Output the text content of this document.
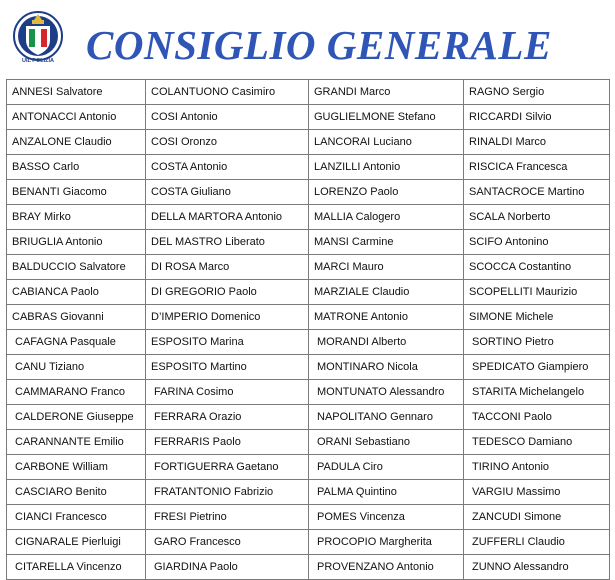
UIL POLIZIA CONSIGLIO GENERALE
ANNESI Salvatore	COLANTUONO Casimiro	GRANDI Marco	RAGNO Sergio
ANTONACCI Antonio	COSI Antonio	GUGLIELMONE Stefano	RICCARDI Silvio
ANZALONE Claudio	COSI Oronzo	LANCORAI Luciano	RINALDI Marco
BASSO Carlo	COSTA Antonio	LANZILLI Antonio	RISCICA Francesca
BENANTI Giacomo	COSTA Giuliano	LORENZO Paolo	SANTACROCE Martino
BRAY Mirko	DELLA MARTORA Antonio	MALLIA Calogero	SCALA Norberto
BRIUGLIA Antonio	DEL MASTRO Liberato	MANSI Carmine	SCIFO Antonino
BALDUCCIO Salvatore	DI ROSA Marco	MARCI Mauro	SCOCCA Costantino
CABIANCA Paolo	DI GREGORIO Paolo	MARZIALE Claudio	SCOPELLITI Maurizio
CABRAS Giovanni	D’IMPERIO Domenico	MATRONE Antonio	SIMONE Michele
CAFAGNA Pasquale	ESPOSITO Marina	MORANDI Alberto	SORTINO Pietro
CANU Tiziano	ESPOSITO Martino	MONTINARO Nicola	SPEDICATO Giampiero
CAMMARANO Franco	FARINA Cosimo	MONTUNATO Alessandro	STARITA Michelangelo
CALDERONE Giuseppe	FERRARA Orazio	NAPOLITANO Gennaro	TACCONI Paolo
CARANNANTE Emilio	FERRARIS Paolo	ORANI Sebastiano	TEDESCO Damiano
CARBONE William	FORTIGUERRA Gaetano	PADULA Ciro	TIRINO Antonio
CASCIARO Benito	FRATANTONIO Fabrizio	PALMA Quintino	VARGIU Massimo
CIANCI Francesco	FRESI Pietrino	POMES Vincenza	ZANCUDI Simone
CIGNARALE Pierluigi	GARO Francesco	PROCOPIO Margherita	ZUFFERLI Claudio
CITARELLA Vincenzo	GIARDINA Paolo	PROVENZANO Antonio	ZUNNO Alessandro
